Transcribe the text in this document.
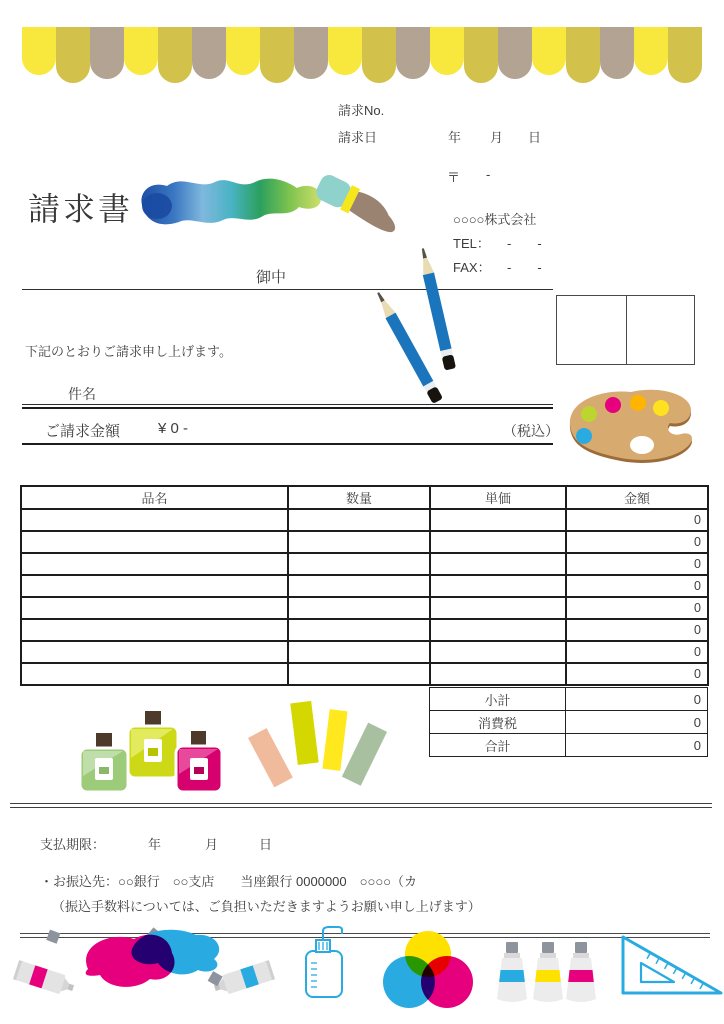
請求No.
請求日	年 月 日
〒 -
○○○○株式会社
TEL： -　　-
FAX： -　　-
請求書
御中
下記のとおりご請求申し上げます。
件名
ご請求金額	¥ 0 -	（税込）
品名	数量	単価	金額
			0
			0
			0
			0
			0
			0
			0
			0
小計	0
消費税	0
合計	0
支払期限：	年	月	日
・お振込先：○○銀行　○○支店　　当座銀行 0000000　○○○○（カ
（振込手数料については、ご負担いただきますようお願い申し上げます）
